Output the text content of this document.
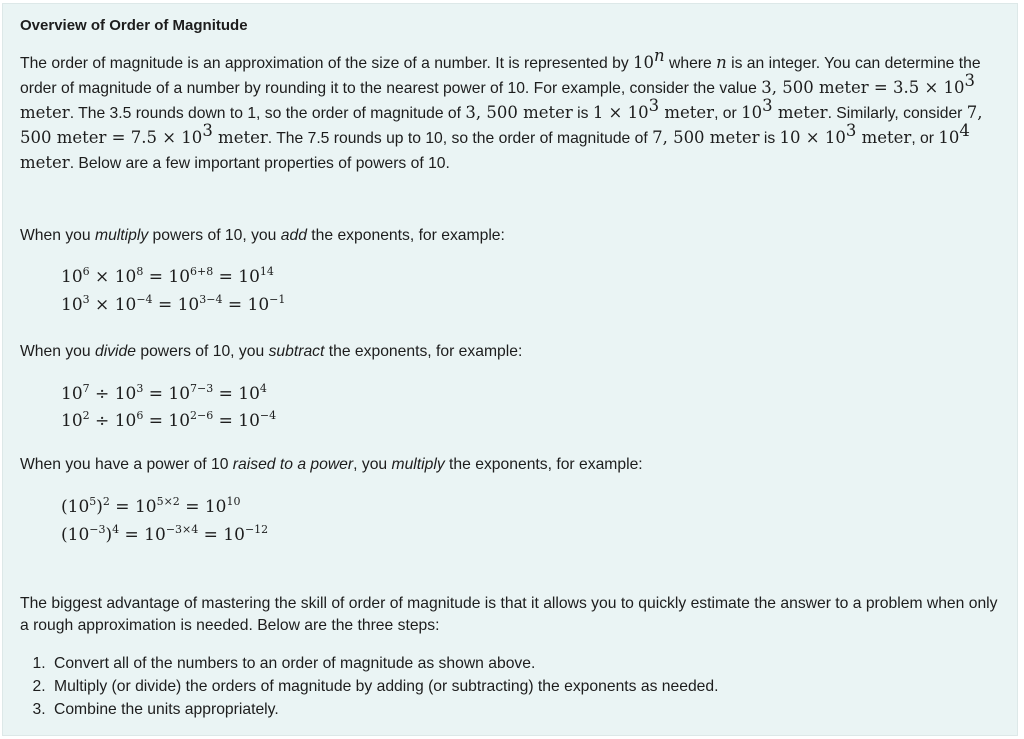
Overview of Order of Magnitude

The order of magnitude is an approximation of the size of a number. It is represented by 10$^n$ where n is an integer. You can determine the order of magnitude of a number by rounding it to the nearest power of 10. For example, consider the value 3, 500 meter = $3.5 \times 10^3$ meter. The 3.5 rounds down to 1, so the order of magnitude of 3, 500 meter is $1 \times 10^3$ meter, or $10^3$ meter. Similarly, consider 7, 500 meter = $7.5 \times 10^3$ meter. The 7.5 rounds up to 10, so the order of magnitude of 7, 500 meter is $10 \times 10^3$ meter, or $10^4$ meter. Below are a few important properties of powers of 10.

When you multiply powers of 10, you add the exponents, for example:

$10^6 \times 10^8 = 10^{6+8} = 10^{14}$

$10^3 \times 10^{-4} = 10^{3-4} = 10^{-1}$

When you divide powers of 10, you subtract the exponents, for example:

$10^7 \div 10^3 = 10^{7-3} = 10^4$

$10^2 \div 10^6 = 10^{2-6} = 10^{-4}$

When you have a power of 10 raised to a power, you multiply the exponents, for example:

$(10^5)^2 = 10^{5\times 2} = 10^{10}$

$(10^{-3})^4 = 10^{-3\times 4} = 10^{-12}$

The biggest advantage of mastering the skill of order of magnitude is that it allows you to quickly estimate the answer to a problem when only a rough approximation is needed. Below are the three steps:

1. Convert all of the numbers to an order of magnitude as shown above.
2. Multiply (or divide) the orders of magnitude by adding (or subtracting) the exponents as needed.
3. Combine the units appropriately.
